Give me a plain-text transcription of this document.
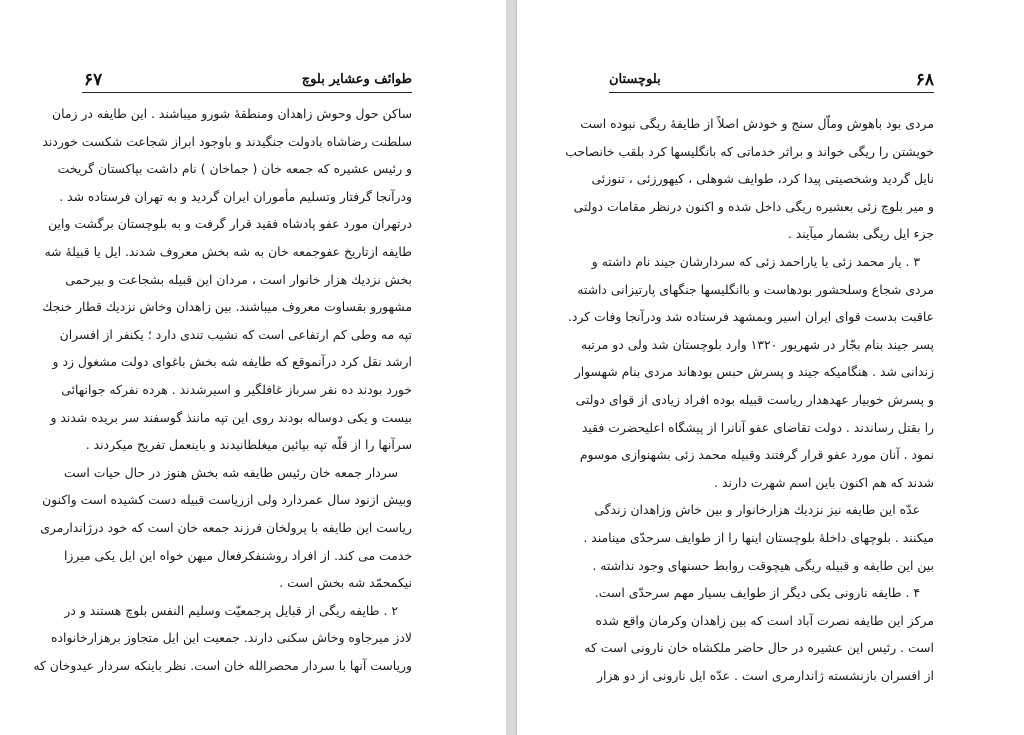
۶۷	طوائف وعشایر بلوچ
ساکن حول وحوش زاهدان ومنطقهٔ شورو میباشند . این طایفه در زمان
سلطنت رضاشاه بادولت جنگیدند و باوجود ابراز شجاعت شکست خوردند
و رئیس عشیره که جمعه خان ( جماخان ) نام داشت بپاکستان گریخت
ودرآنجا گرفتار وتسلیم مأموران ایران گردید و به تهران فرستاده شد .
درتهران مورد عفو پادشاه فقید قرار گرفت و به بلوچستان برگشت واین
طایفه ازتاریخ عفوجمعه خان به شه بخش معروف شدند. ایل یا قبیلهٔ شه
بخش نزدیك هزار خانوار است ، مردان این قبیله بشجاعت و بیرحمی
مشهورو بقساوت معروف میباشند. بین زاهدان وخاش نزدیك قطار خنجك
تپه مه وطی کم ارتفاعی است که نشیب تندی دارد ؛ یکنفر از افسران
ارشد نقل کرد درآنموقع که طایفه شه بخش باغوای دولت مشغول زد و
خورد بودند ده نفر سرباز غافلگیر و اسیرشدند . هرده نفرکه جوانهائی
بیست و یکی دوساله بودند روی این تپه ماننذ گوسفند سر بریده شدند و
سرآنها را از قلّه تپه بپائین میغلطانیدند و باینعمل تفریح میکردند .
سردار جمعه خان رئیس طایفه شه بخش هنوز در حال حیات است
وبیش ازنود سال عمردارد ولی ازریاست قبیله دست کشیده است واکنون
ریاست این طایفه با پرولخان فرزند جمعه خان است که خود درژاندارمری
خدمت می کند. از افراد روشنفکرفعال میهن خواه این ایل یکی میرزا
نیکمحمّد شه بخش است .
۲ . طایفه ریگی از قبایل پرجمعیّت وسلیم النفس بلوچ هستند و در
لادز میرجاوه وخاش سکنی دارند. جمعیت این ایل متجاوز برهزارخانواده
وریاست آنها با سردار محصرالله خان است. نظر باینکه سردار عیدوخان که
۶۸
بلوچستان
مردی بود باهوش وماّل سنج و خودش اصلاً از طایفهٔ ریگی نبوده است
خویشتن را ریگی خواند و براثر خدماتی که بانگلیسها کرد بلقب خانصاحب
نایل گردید وشخصیتی پیدا کرد، طوایف شوهلی ، کیهورزئی ، تنوزئی
و میر بلوچ زئی بعشیره ریگی داخل شده و اکنون درنظر مقامات دولتی
جزء ایل ریگی بشمار میآیند .
۳ . یار محمد زئی یا یاراحمد زئی که سردارشان جیند نام داشته و
مردی شجاع وسلحشور بودهاست و باانگلیسها جنگهای پارتیزانی داشته
عاقبت بدست قوای ایران اسیر وبمشهد فرستاده شد ودرآنجا وفات کرد.
پسر جیند بنام بجّار در شهریور ۱۳۲۰ وارد بلوچستان شد ولی دو مرتبه
زندانی شد . هنگامیکه جیند و پسرش حبس بودهاند مردی بنام شهسوار
و پسرش خوبیار عهدهدار ریاست قبیله بوده افراد زیادی از قوای دولتی
را بقتل رساندند . دولت تقاضای عفو آنانرا از پیشگاه اعلیحضرت فقید
نمود . آنان مورد عفو قرار گرفتند وقبیله محمد زئی بشهنوازی موسوم
شدند که هم اکنون باین اسم شهرت دارند .
عدّه این طایفه نیز نزدیك هزارخانوار و بین خاش وزاهدان زندگی
میکنند . بلوچهای داخلهٔ بلوچستان اینها را از طوایف سرحدّی مینامند .
بین این طایفه و قبیله ریگی هیچوقت روابط حسنهای وجود نداشته .
۴ . طایفه نارونی یکی دیگر از طوایف بسیار مهم سرحدّی است.
مرکز این طایفه نصرت آباد است که بین زاهدان وکرمان واقع شده
است . رئیس این عشیره در حال حاضر ملکشاه خان نارونی است که
از افسران بازنشسته ژاندارمری است . عدّه ایل نارونی از دو هزار
